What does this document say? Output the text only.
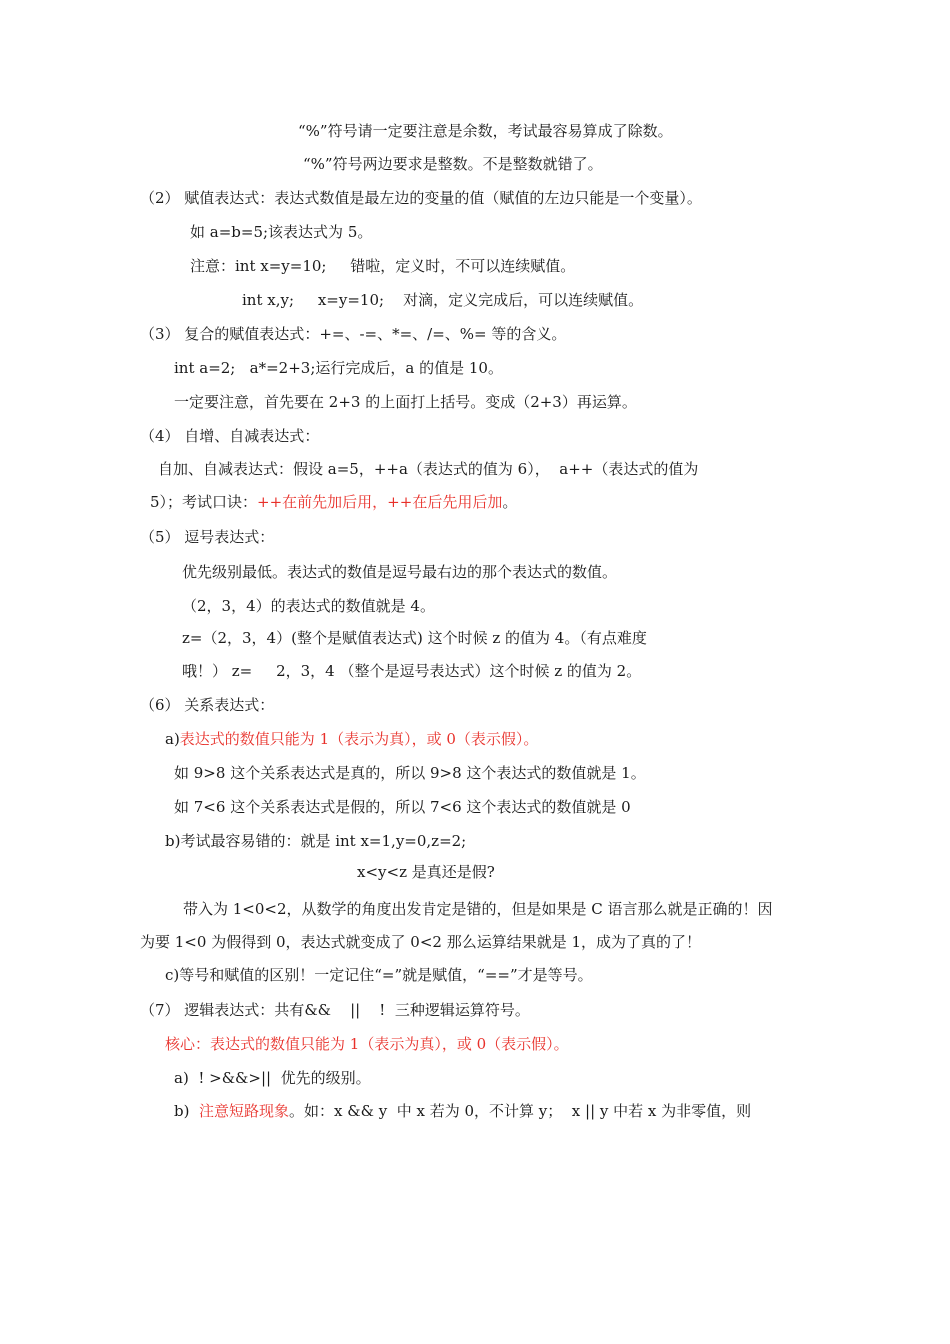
“%”符号请一定要注意是余数，考试最容易算成了除数。
“%”符号两边要求是整数。不是整数就错了。
（2） 赋值表达式：表达式数值是最左边的变量的值（赋值的左边只能是一个变量）。
如 a=b=5;该表达式为 5。
注意：int x=y=10;     错啦，定义时，不可以连续赋值。
int x,y;     x=y=10;    对滴，定义完成后，可以连续赋值。
（3） 复合的赋值表达式：+=、-=、*=、/=、%= 等的含义。
int a=2;   a*=2+3;运行完成后，a 的值是 10。
一定要注意，首先要在 2+3 的上面打上括号。变成（2+3）再运算。
（4） 自增、自减表达式：
自加、自减表达式：假设 a=5，++a（表达式的值为 6），  a++（表达式的值为
5）；考试口诀：++在前先加后用，++在后先用后加。
（5） 逗号表达式：
优先级别最低。表达式的数值是逗号最右边的那个表达式的数值。
（2，3，4）的表达式的数值就是 4。
z=（2，3，4）(整个是赋值表达式) 这个时候 z 的值为 4。（有点难度
哦！） z=     2，3，4 （整个是逗号表达式）这个时候 z 的值为 2。
（6） 关系表达式：
a)表达式的数值只能为 1（表示为真），或 0（表示假）。
如 9>8 这个关系表达式是真的，所以 9>8 这个表达式的数值就是 1。
如 7<6 这个关系表达式是假的，所以 7<6 这个表达式的数值就是 0
b)考试最容易错的：就是 int x=1,y=0,z=2;
x<y<z 是真还是假?
带入为 1<0<2，从数学的角度出发肯定是错的，但是如果是 C 语言那么就是正确的！因
为要 1<0 为假得到 0，表达式就变成了 0<2 那么运算结果就是 1，成为了真的了！
c)等号和赋值的区别！一定记住“=”就是赋值，“==”才是等号。
（7） 逻辑表达式：共有&&    ||    !  三种逻辑运算符号。
核心：表达式的数值只能为 1（表示为真），或 0（表示假）。
a)  ! >&&>||  优先的级别。
b)  注意短路现象。如：x && y  中 x 若为 0，不计算 y；  x || y 中若 x 为非零值，则
